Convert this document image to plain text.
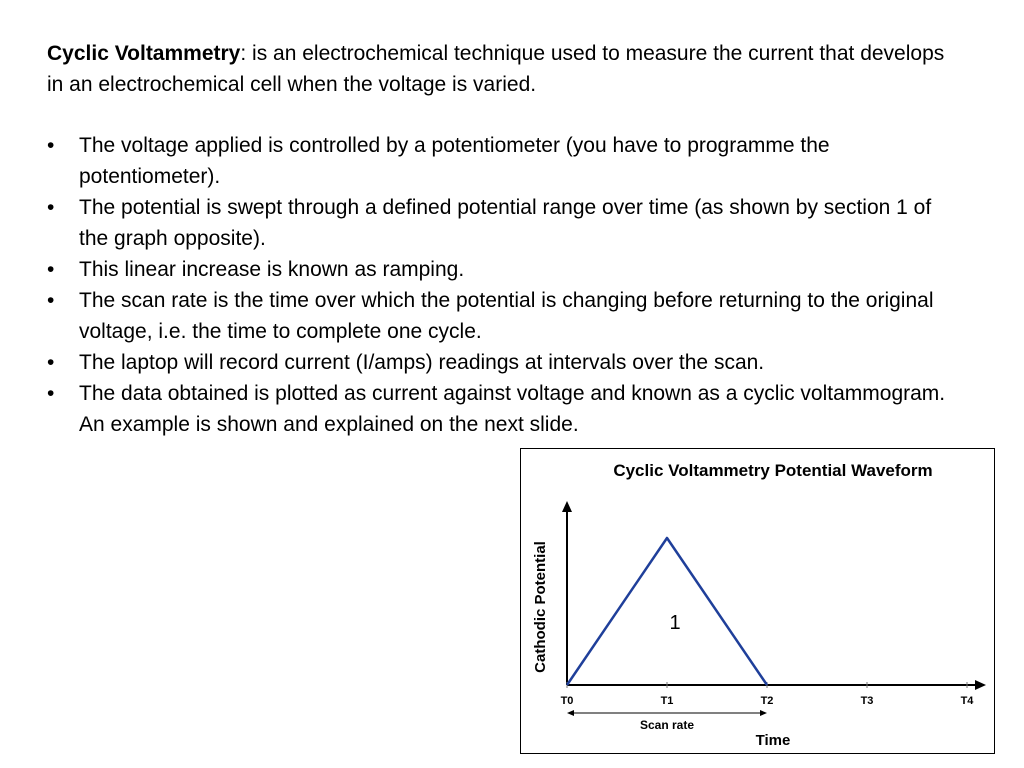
Cyclic Voltammetry: is an electrochemical technique used to measure the current that develops in an electrochemical cell when the voltage is varied.
• The voltage applied is controlled by a potentiometer (you have to programme the potentiometer).
• The potential is swept through a defined potential range over time (as shown by section 1 of the graph opposite).
• This linear increase is known as ramping.
• The scan rate is the time over which the potential is changing before returning to the original voltage, i.e. the time to complete one cycle.
• The laptop will record current (I/amps) readings at intervals over the scan.
• The data obtained is plotted as current against voltage and known as a cyclic voltammogram. An example is shown and explained on the next slide.
Cyclic Voltammetry Potential Waveform
Cathodic Potential
Time
T0	T1	T2	T3	T4
Scan rate
1
